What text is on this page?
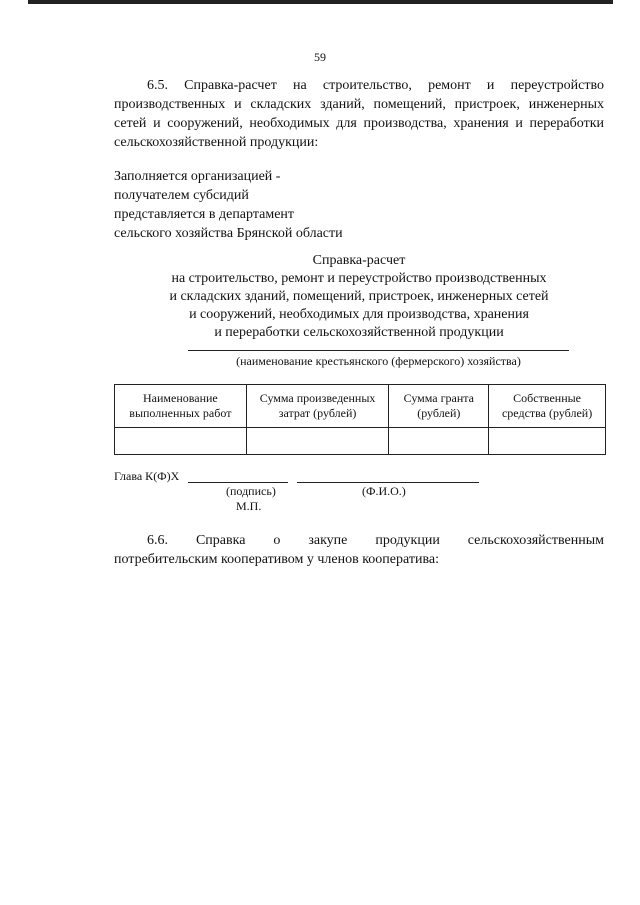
59

6.5. Справка-расчет на строительство, ремонт и переустройство производственных и складских зданий, помещений, пристроек, инженерных сетей и сооружений, необходимых для производства, хранения и переработки сельскохозяйственной продукции:

Заполняется организацией -
получателем субсидий
представляется в департамент
сельского хозяйства Брянской области
Справка-расчет
на строительство, ремонт и переустройство производственных
и складских зданий, помещений, пристроек, инженерных сетей
и сооружений, необходимых для производства, хранения
и переработки сельскохозяйственной продукции
(наименование крестьянского (фермерского) хозяйства)
Наименование выполненных работ	Сумма произведенных затрат (рублей)	Сумма гранта (рублей)	Собственные средства (рублей)

Глава К(Ф)Х
(подпись)	(Ф.И.О.)
М.П.
6.6. Справка о закупе продукции сельскохозяйственным
потребительским кооперативом у членов кооператива:
